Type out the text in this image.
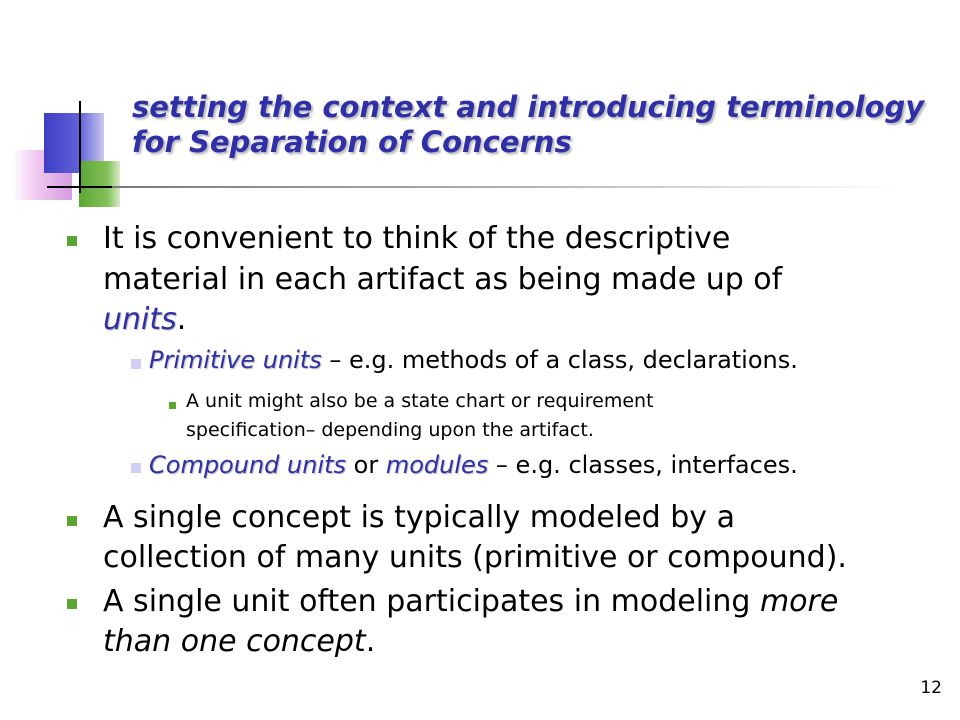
setting the context and introducing terminology
for Separation of Concerns
It is convenient to think of the descriptive
material in each artifact as being made up of
units.
Primitive units – e.g. methods of a class, declarations.
A unit might also be a state chart or requirement
specification– depending upon the artifact.
Compound units or modules – e.g. classes, interfaces.
A single concept is typically modeled by a
collection of many units (primitive or compound).
A single unit often participates in modeling more
than one concept.
12
